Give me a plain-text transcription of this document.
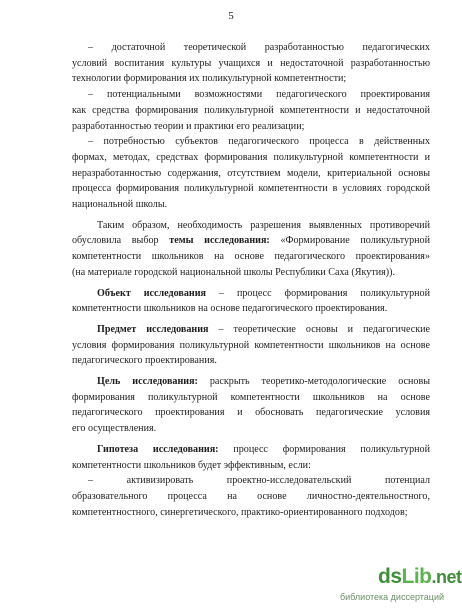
5
– достаточной теоретической разработанностью педагогических
условий воспитания культуры учащихся и недостаточной разработанностью
технологии формирования их поликультурной компетентности;
– потенциальными возможностями педагогического проектирования
как средства формирования поликультурной компетентности и недостаточной
разработанностью теории и практики его реализации;
– потребностью субъектов педагогического процесса в действенных
формах, методах, средствах формирования поликультурной компетентности и
неразработанностью содержания, отсутствием модели, критериальной основы
процесса формирования поликультурной компетентности в условиях городской
национальной школы.
Таким образом, необходимость разрешения выявленных противоречий
обусловила выбор темы исследования: «Формирование поликультурной
компетентности школьников на основе педагогического проектирования»
(на материале городской национальной школы Республики Саха (Якутия)).
Объект исследования – процесс формирования поликультурной
компетентности школьников на основе педагогического проектирования.
Предмет исследования – теоретические основы и педагогические
условия формирования поликультурной компетентности школьников на основе
педагогического проектирования.
Цель исследования: раскрыть теоретико-методологические основы
формирования поликультурной компетентности школьников на основе
педагогического проектирования и обосновать педагогические условия
его осуществления.
Гипотеза исследования: процесс формирования поликультурной
компетентности школьников будет эффективным, если:
– активизировать проектно-исследовательский потенциал
образовательного процесса на основе личностно-деятельностного,
компетентностного, синергетического, практико-ориентированного подходов;
dsLib.net
библиотека диссертаций
